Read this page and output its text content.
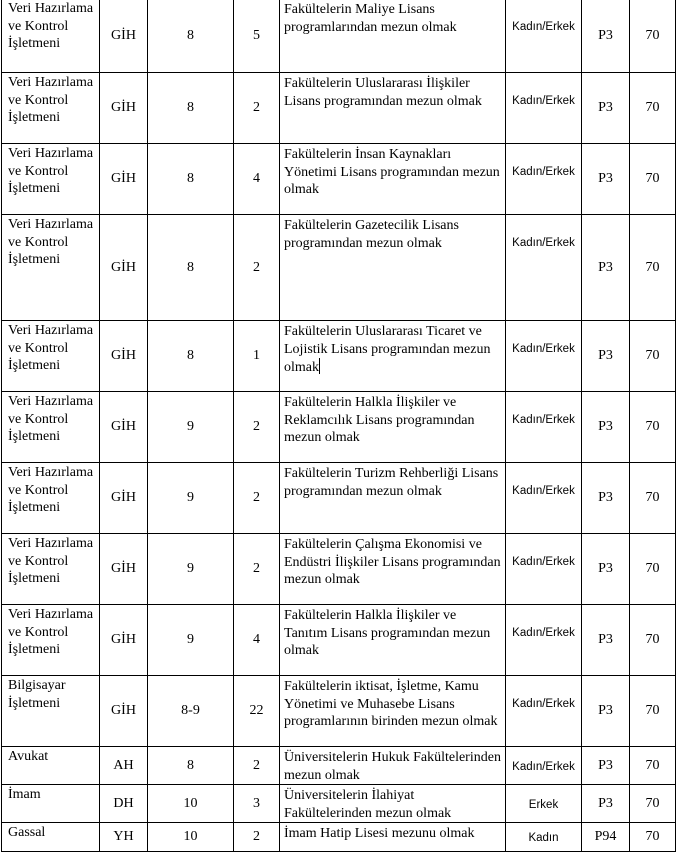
Veri Hazırlama ve Kontrol İşletmeni	GİH	8	5	Fakültelerin Maliye Lisans programlarından mezun olmak	Kadın/Erkek	P3	70
Veri Hazırlama ve Kontrol İşletmeni	GİH	8	2	Fakültelerin Uluslararası İlişkiler Lisans programından mezun olmak	Kadın/Erkek	P3	70
Veri Hazırlama ve Kontrol İşletmeni	GİH	8	4	Fakültelerin İnsan Kaynakları Yönetimi Lisans programından mezun olmak	Kadın/Erkek	P3	70
Veri Hazırlama ve Kontrol İşletmeni	GİH	8	2	Fakültelerin Gazetecilik Lisans programından mezun olmak	Kadın/Erkek	P3	70
Veri Hazırlama ve Kontrol İşletmeni	GİH	8	1	Fakültelerin Uluslararası Ticaret ve Lojistik Lisans programından mezun olmak	Kadın/Erkek	P3	70
Veri Hazırlama ve Kontrol İşletmeni	GİH	9	2	Fakültelerin Halkla İlişkiler ve Reklamcılık Lisans programından mezun olmak	Kadın/Erkek	P3	70
Veri Hazırlama ve Kontrol İşletmeni	GİH	9	2	Fakültelerin Turizm Rehberliği Lisans programından mezun olmak	Kadın/Erkek	P3	70
Veri Hazırlama ve Kontrol İşletmeni	GİH	9	2	Fakültelerin Çalışma Ekonomisi ve Endüstri İlişkiler Lisans programından mezun olmak	Kadın/Erkek	P3	70
Veri Hazırlama ve Kontrol İşletmeni	GİH	9	4	Fakültelerin Halkla İlişkiler ve Tanıtım Lisans programından mezun olmak	Kadın/Erkek	P3	70
Bilgisayar İşletmeni	GİH	8-9	22	Fakültelerin iktisat, İşletme, Kamu Yönetimi ve Muhasebe Lisans programlarının birinden mezun olmak	Kadın/Erkek	P3	70
Avukat	AH	8	2	Üniversitelerin Hukuk Fakültelerinden mezun olmak	Kadın/Erkek	P3	70
İmam	DH	10	3	Üniversitelerin İlahiyat Fakültelerinden mezun olmak	Erkek	P3	70
Gassal	YH	10	2	İmam Hatip Lisesi mezunu olmak	Kadın	P94	70
